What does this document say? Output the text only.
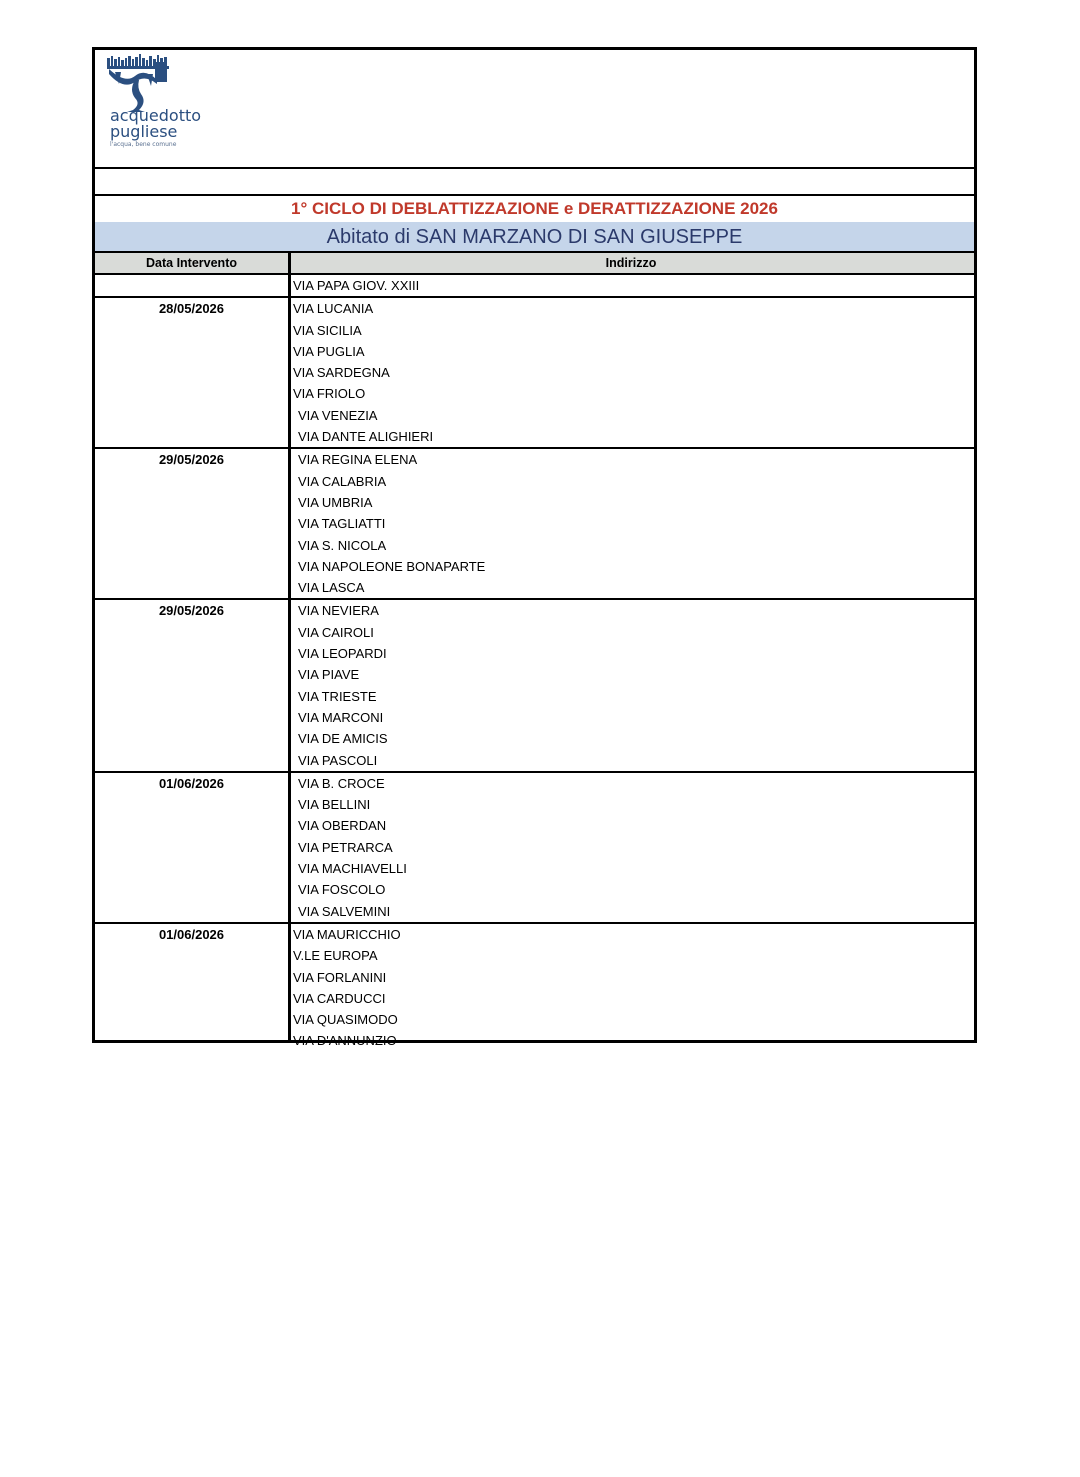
acquedotto
pugliese
l'acqua, bene comune
1° CICLO DI DEBLATTIZZAZIONE e DERATTIZZAZIONE 2026
Abitato di SAN MARZANO DI SAN GIUSEPPE
Data Intervento	Indirizzo
VIA PAPA GIOV. XXIII
28/05/2026	VIA LUCANIA
VIA SICILIA
VIA PUGLIA
VIA SARDEGNA
VIA FRIOLO
VIA VENEZIA
VIA DANTE ALIGHIERI
29/05/2026	VIA REGINA ELENA
VIA CALABRIA
VIA UMBRIA
VIA TAGLIATTI
VIA S. NICOLA
VIA NAPOLEONE BONAPARTE
VIA LASCA
29/05/2026	VIA NEVIERA
VIA CAIROLI
VIA LEOPARDI
VIA PIAVE
VIA TRIESTE
VIA MARCONI
VIA DE AMICIS
VIA PASCOLI
01/06/2026	VIA B. CROCE
VIA BELLINI
VIA OBERDAN
VIA PETRARCA
VIA MACHIAVELLI
VIA FOSCOLO
VIA SALVEMINI
01/06/2026	VIA MAURICCHIO
V.LE EUROPA
VIA FORLANINI
VIA CARDUCCI
VIA QUASIMODO
VIA D'ANNUNZIO
